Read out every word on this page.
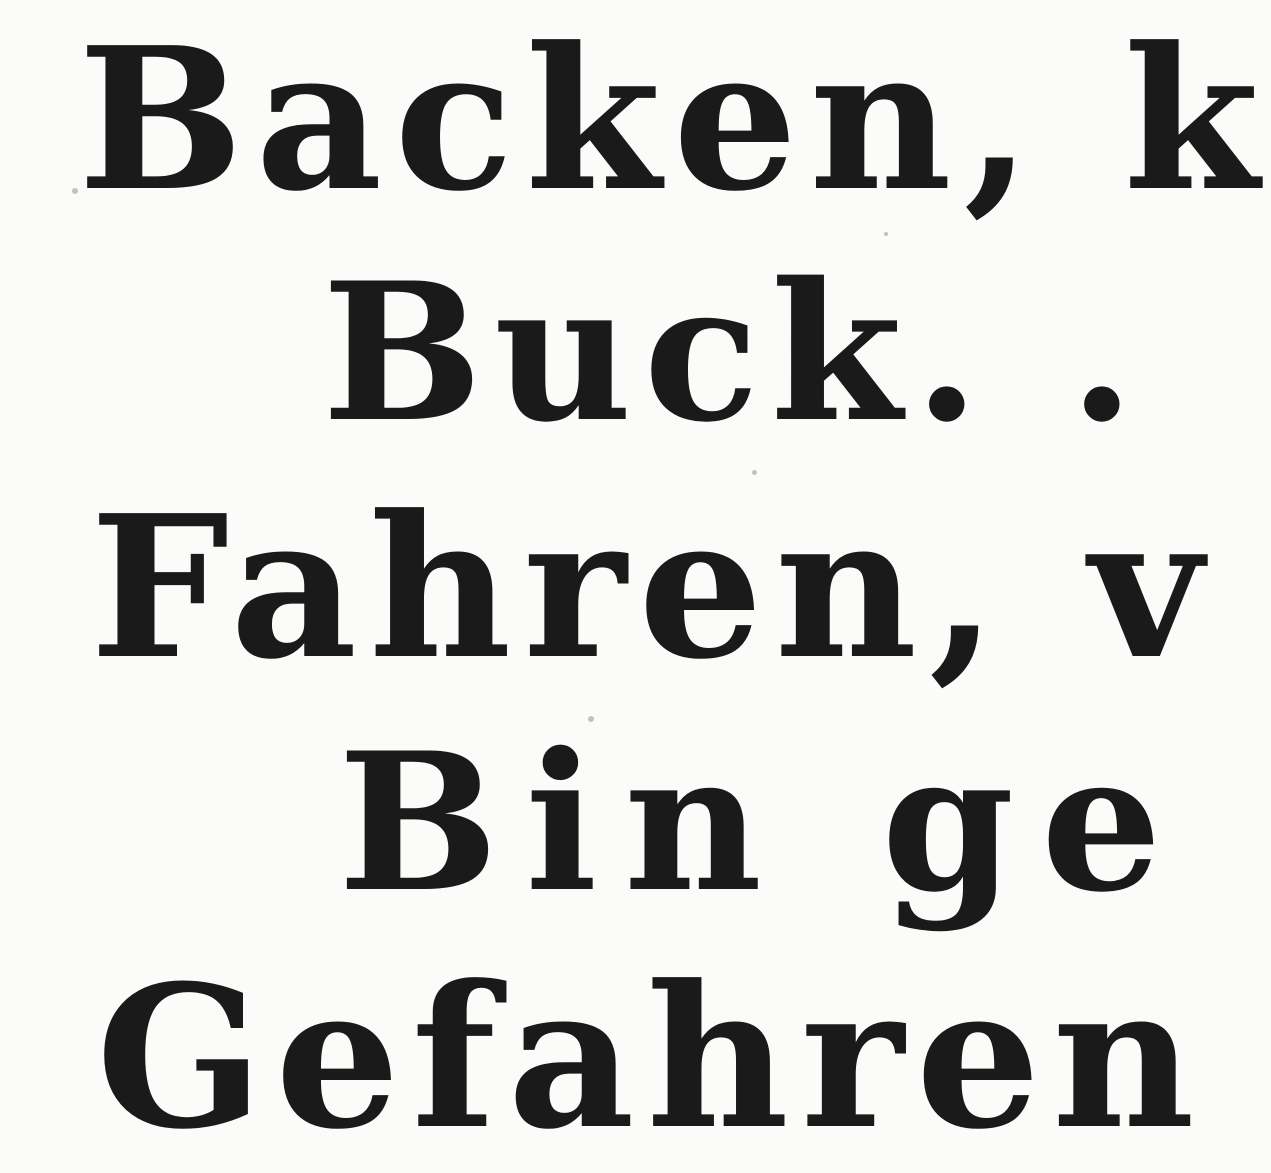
Backen, k
Buck. .
Fahren, v
Bin ge
Gefahren
